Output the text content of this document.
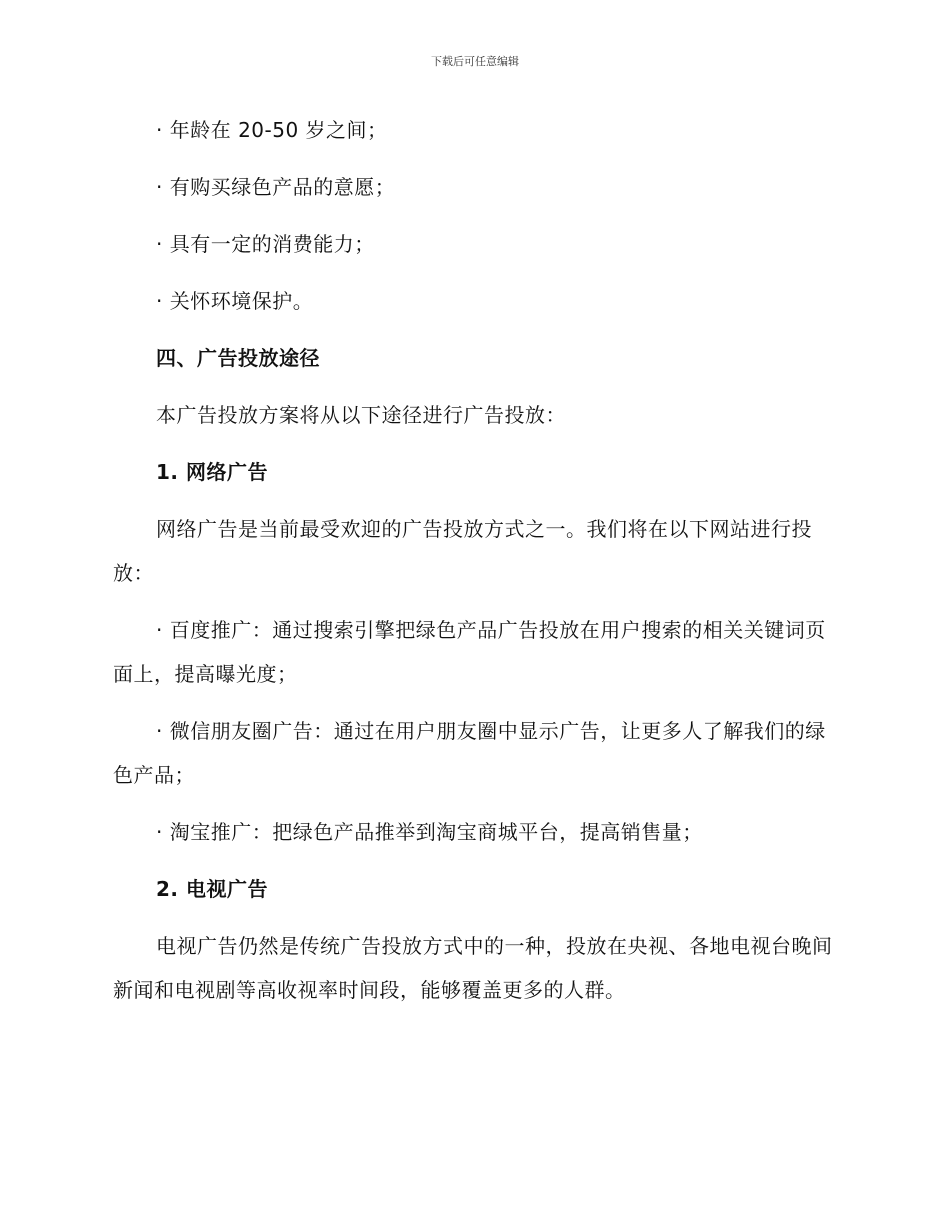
下载后可任意编辑

· 年龄在 20-50 岁之间；

· 有购买绿色产品的意愿；

· 具有一定的消费能力；

· 关怀环境保护。

四、广告投放途径

本广告投放方案将从以下途径进行广告投放：

1. 网络广告

网络广告是当前最受欢迎的广告投放方式之一。我们将在以下网站进行投放：

· 百度推广：通过搜索引擎把绿色产品广告投放在用户搜索的相关关键词页面上，提高曝光度；

· 微信朋友圈广告：通过在用户朋友圈中显示广告，让更多人了解我们的绿色产品；

· 淘宝推广：把绿色产品推举到淘宝商城平台，提高销售量；

2. 电视广告

电视广告仍然是传统广告投放方式中的一种，投放在央视、各地电视台晚间新闻和电视剧等高收视率时间段，能够覆盖更多的人群。
